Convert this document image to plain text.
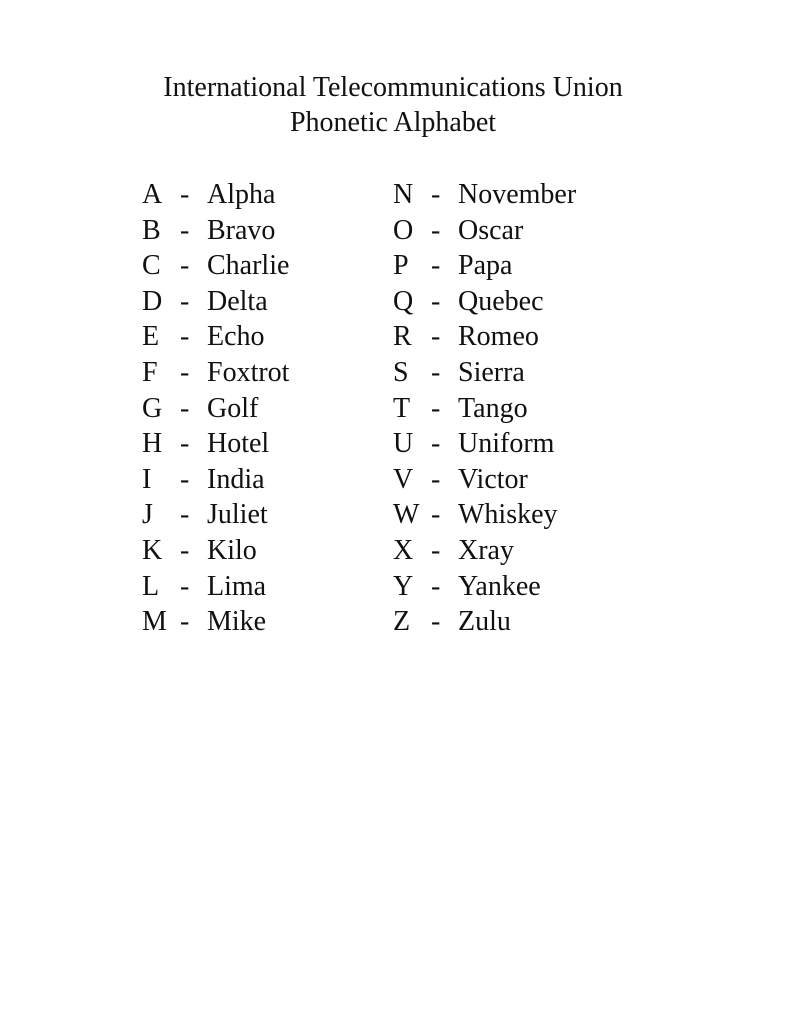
International Telecommunications Union
Phonetic Alphabet
A - Alpha
B - Bravo
C - Charlie
D - Delta
E - Echo
F - Foxtrot
G - Golf
H - Hotel
I - India
J - Juliet
K - Kilo
L - Lima
M - Mike
N - November
O - Oscar
P - Papa
Q - Quebec
R - Romeo
S - Sierra
T - Tango
U - Uniform
V - Victor
W - Whiskey
X - Xray
Y - Yankee
Z - Zulu
